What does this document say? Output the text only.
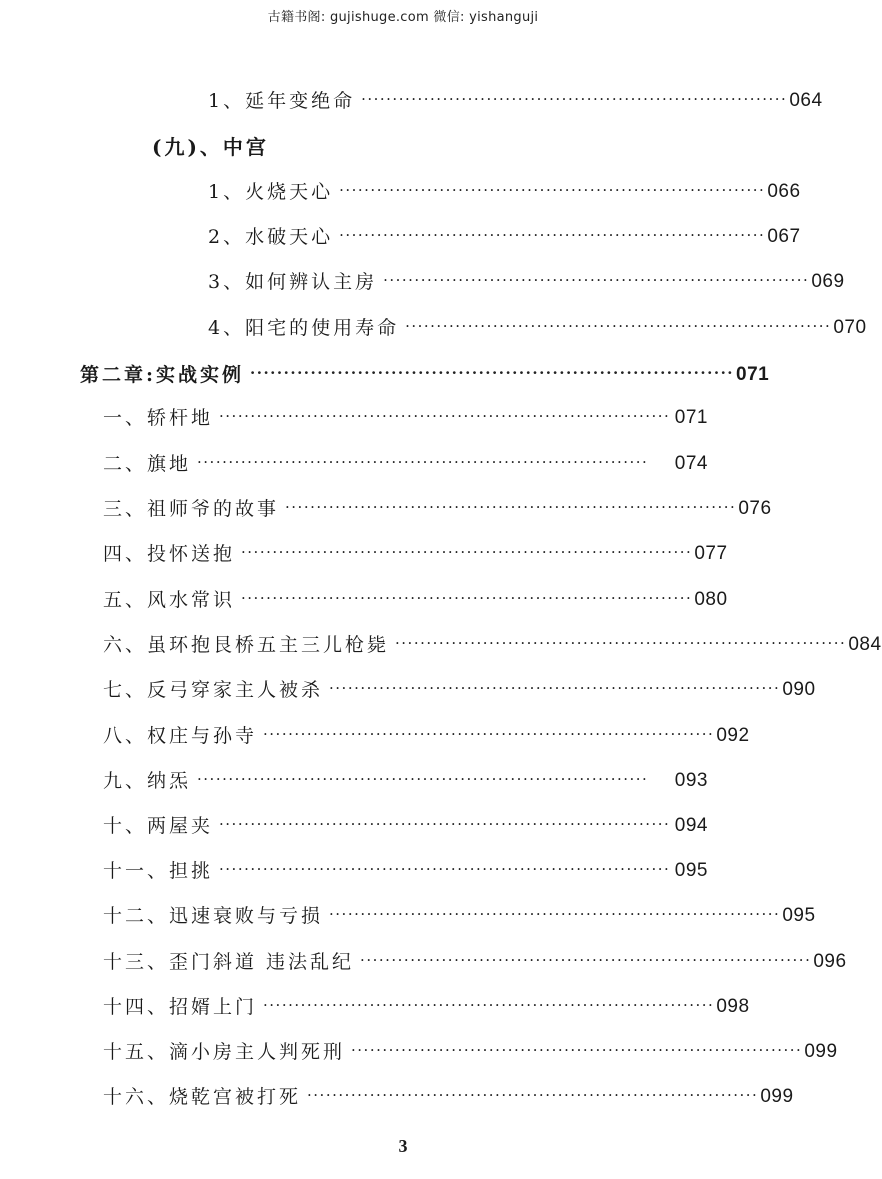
古籍书阁: gujishuge.com 微信: yishanguji
1、延年变绝命 ···································································· 064
(九)、中宫
1、火烧天心 ···································································· 066
2、水破天心 ···································································· 067
3、如何辨认主房 ···································································· 069
4、阳宅的使用寿命 ···································································· 070
第二章:实战实例 ········································································ 071
一、轿杆地 ········································································ 071
二、旗地 ········································································	074
三、祖师爷的故事 ········································································ 076
四、投怀送抱 ········································································ 077
五、风水常识 ········································································ 080
六、虽环抱艮桥五主三儿枪毙 ········································································ 084
七、反弓穿家主人被杀 ········································································ 090
八、权庄与孙寺 ········································································ 092
九、纳炁 ········································································	093
十、两屋夹 ········································································ 094
十一、担挑 ········································································ 095
十二、迅速衰败与亏损 ········································································ 095
十三、歪门斜道 违法乱纪 ········································································ 096
十四、招婿上门 ········································································ 098
十五、滴小房主人判死刑 ········································································ 099
十六、烧乾宫被打死 ········································································ 099
3
